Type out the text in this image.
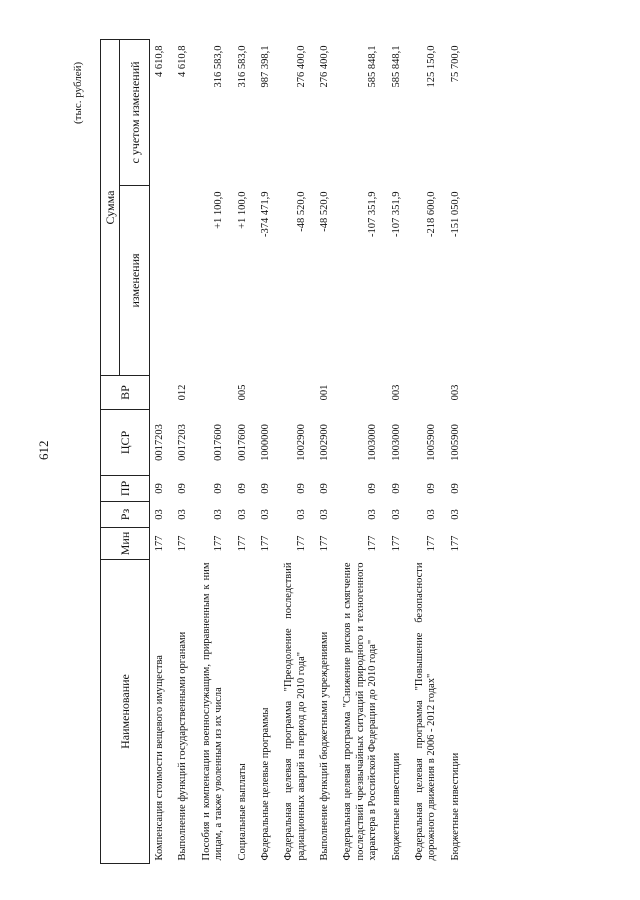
612
(тыс. рублей)
Наименование	Мин	Рз	ПР	ЦСР	ВР	Сумма	
						изменения	с учетом изменений
Компенсация стоимости вещевого имущества	177	03	09	0017203			4 610,8
Выполнение функций государственными органами	177	03	09	0017203	012		4 610,8
Пособия и компенсации военнослужащим, приравненным к ним лицам, а также уволенным из их числа	177	03	09	0017600		+1 100,0	316 583,0
Социальные выплаты	177	03	09	0017600	005	+1 100,0	316 583,0
Федеральные целевые программы	177	03	09	1000000		-374 471,9	987 398,1
Федеральная целевая программа "Преодоление последствий радиационных аварий на период до 2010 года"	177	03	09	1002900		-48 520,0	276 400,0
Выполнение функций бюджетными учреждениями	177	03	09	1002900	001	-48 520,0	276 400,0
Федеральная целевая программа "Снижение рисков и смягчение последствий чрезвычайных ситуаций природного и техногенного характера в Российской Федерации до 2010 года"	177	03	09	1003000		-107 351,9	585 848,1
Бюджетные инвестиции	177	03	09	1003000	003	-107 351,9	585 848,1
Федеральная целевая программа "Повышение безопасности дорожного движения в 2006 - 2012 годах"	177	03	09	1005900		-218 600,0	125 150,0
Бюджетные инвестиции	177	03	09	1005900	003	-151 050,0	75 700,0
